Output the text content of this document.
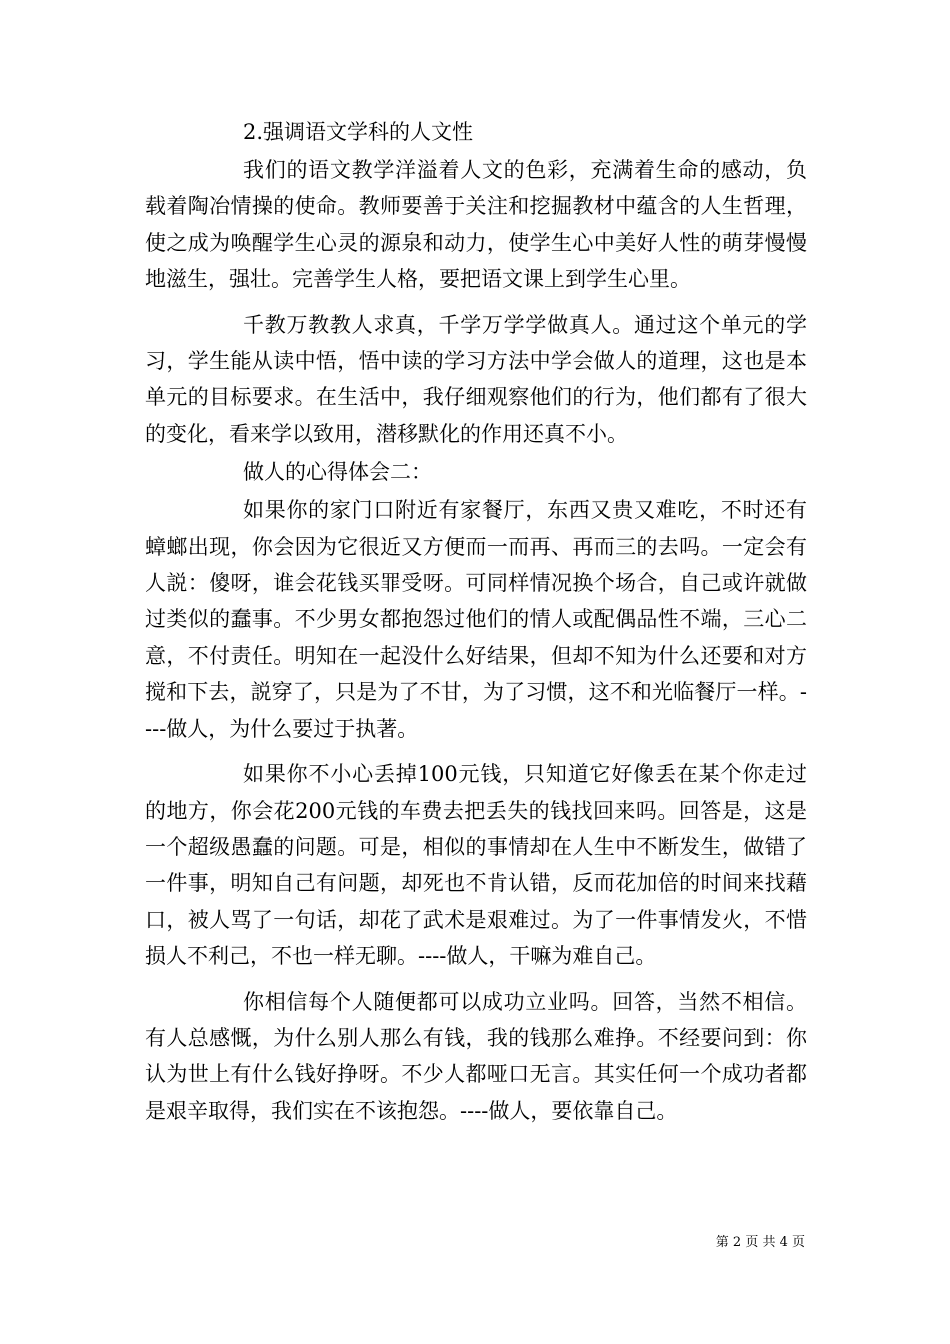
2.强调语文学科的人文性

我们的语文教学洋溢着人文的色彩，充满着生命的感动，负载着陶冶情操的使命。教师要善于关注和挖掘教材中蕴含的人生哲理，使之成为唤醒学生心灵的源泉和动力，使学生心中美好人性的萌芽慢慢地滋生，强壮。完善学生人格，要把语文课上到学生心里。

千教万教教人求真，千学万学学做真人。通过这个单元的学习，学生能从读中悟，悟中读的学习方法中学会做人的道理，这也是本单元的目标要求。在生活中，我仔细观察他们的行为，他们都有了很大的变化，看来学以致用，潜移默化的作用还真不小。

做人的心得体会二：

如果你的家门口附近有家餐厅，东西又贵又难吃，不时还有蟑螂出现，你会因为它很近又方便而一而再、再而三的去吗。一定会有人説：傻呀，谁会花钱买罪受呀。可同样情况换个场合，自己或许就做过类似的蠢事。不少男女都抱怨过他们的情人或配偶品性不端，三心二意，不付责任。明知在一起没什么好结果，但却不知为什么还要和对方搅和下去，説穿了，只是为了不甘，为了习惯，这不和光临餐厅一样。----做人，为什么要过于执著。

如果你不小心丢掉100元钱，只知道它好像丢在某个你走过的地方，你会花200元钱的车费去把丢失的钱找回来吗。回答是，这是一个超级愚蠢的问题。可是，相似的事情却在人生中不断发生，做错了一件事，明知自己有问题，却死也不肯认错，反而花加倍的时间来找藉口，被人骂了一句话，却花了武术是艰难过。为了一件事情发火，不惜损人不利己，不也一样无聊。----做人，干嘛为难自己。

你相信每个人随便都可以成功立业吗。回答，当然不相信。有人总感慨，为什么别人那么有钱，我的钱那么难挣。不经要问到：你认为世上有什么钱好挣呀。不少人都哑口无言。其实任何一个成功者都是艰辛取得，我们实在不该抱怨。----做人，要依靠自己。

第 2 页 共 4 页
